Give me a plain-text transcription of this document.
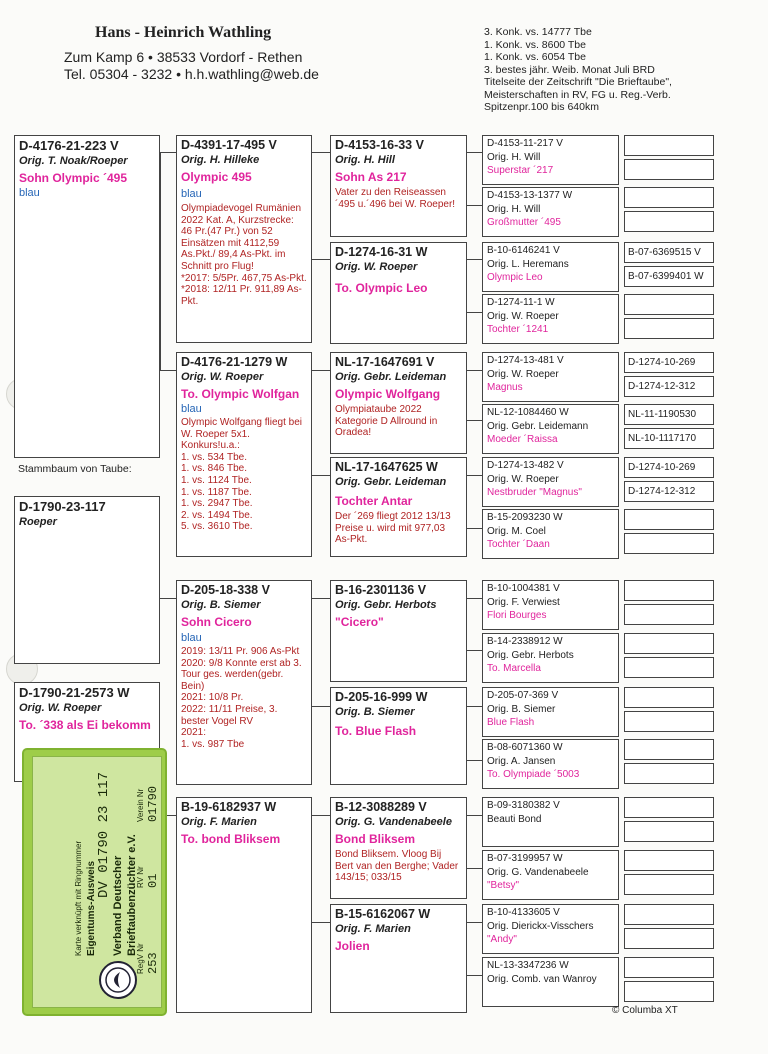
Hans - Heinrich Wathling
Zum Kamp 6 • 38533 Vordorf - Rethen
Tel. 05304 - 3232 • h.h.wathling@web.de
3. Konk. vs. 14777 Tbe
1. Konk. vs. 8600 Tbe
1. Konk. vs. 6054 Tbe
3. bestes jähr. Weib. Monat Juli BRD
Titelseite der Zeitschrift "Die Brieftaube",
Meisterschaften in RV, FG u. Reg.-Verb.
Spitzenpr.100 bis 640km
D-4176-21-223 V
Orig. T. Noak/Roeper
Sohn Olympic ´495
blau
Stammbaum von Taube:
D-1790-23-117
Roeper
D-1790-21-2573 W
Orig. W. Roeper
To. ´338 als Ei bekomm
D-4391-17-495 V
Orig. H. Hilleke
Olympic 495
blau
Olympiadevogel Rumänien 2022 Kat. A, Kurzstrecke: 46 Pr.(47 Pr.) von 52 Einsätzen mit 4112,59 As.Pkt./ 89,4 As-Pkt. im Schnitt pro Flug!
*2017: 5/5Pr. 467,75 As-Pkt.
*2018: 12/11 Pr. 911,89 As-Pkt.
D-4176-21-1279 W
Orig. W. Roeper
To. Olympic Wolfgan
blau
Olympic Wolfgang fliegt bei W. Roeper 5x1. Konkurs!u.a.:
1. vs. 534 Tbe.
1. vs. 846 Tbe.
1. vs. 1124 Tbe.
1. vs. 1187 Tbe.
1. vs. 2947 Tbe.
2. vs. 1494 Tbe.
5. vs. 3610 Tbe.
D-205-18-338 V
Orig. B. Siemer
Sohn Cicero
blau
2019: 13/11 Pr. 906 As-Pkt
2020: 9/8 Konnte erst ab 3. Tour ges. werden(gebr. Bein)
2021: 10/8 Pr.
2022: 11/11 Preise, 3. bester Vogel RV
2021:
1. vs. 987 Tbe
B-19-6182937 W
Orig. F. Marien
To. bond Bliksem
D-4153-16-33 V
Orig. H. Hill
Sohn As 217
Vater zu den Reiseassen´495 u.´496 bei W. Roeper!
D-1274-16-31 W
Orig. W. Roeper
To. Olympic Leo
NL-17-1647691 V
Orig. Gebr. Leideman
Olympic Wolfgang
Olympiataube 2022
Kategorie D Allround in Oradea!
NL-17-1647625 W
Orig. Gebr. Leideman
Tochter Antar
Der ´269 fliegt 2012 13/13 Preise u. wird mit 977,03 As-Pkt.
B-16-2301136 V
Orig. Gebr. Herbots
"Cicero"
D-205-16-999 W
Orig. B. Siemer
To. Blue Flash
B-12-3088289 V
Orig. G. Vandenabeele
Bond Bliksem
Bond Bliksem. Vloog Bij Bert van den Berghe; Vader 143/15; 033/15
B-15-6162067 W
Orig. F. Marien
Jolien
D-4153-11-217 V
Orig. H. Will
Superstar ´217
D-4153-13-1377 W
Orig. H. Will
Großmutter ´495
B-10-6146241 V
Orig. L. Heremans
Olympic Leo
D-1274-11-1 W
Orig. W. Roeper
Tochter ´1241
D-1274-13-481 V
Orig. W. Roeper
Magnus
NL-12-1084460 W
Orig. Gebr. Leidemann
Moeder ´Raissa
D-1274-13-482 V
Orig. W. Roeper
Nestbruder "Magnus"
B-15-2093230 W
Orig. M. Coel
Tochter ´Daan
B-10-1004381 V
Orig. F. Verwiest
Flori Bourges
B-14-2338912 W
Orig. Gebr. Herbots
To. Marcella
D-205-07-369 V
Orig. B. Siemer
Blue Flash
B-08-6071360 W
Orig. A. Jansen
To. Olympiade ´5003
B-09-3180382 V
Beauti Bond
B-07-3199957 W
Orig. G. Vandenabeele
"Betsy"
B-10-4133605 V
Orig. Dierickx-Visschers
"Andy"
NL-13-3347236 W
Orig. Comb. van Wanroy
B-07-6369515 V
B-07-6399401 W
D-1274-10-269
D-1274-12-312
NL-11-1190530
NL-10-1117170
D-1274-10-269
D-1274-12-312
© Columba XT
Verband Deutscher Brieftaubenzüchter e.V.
Eigentums-Ausweis
Karte verknüpft mit Ringnummer
DV 01790 23 117
RegV Nr 253
RV Nr 01
Verein Nr 01790
